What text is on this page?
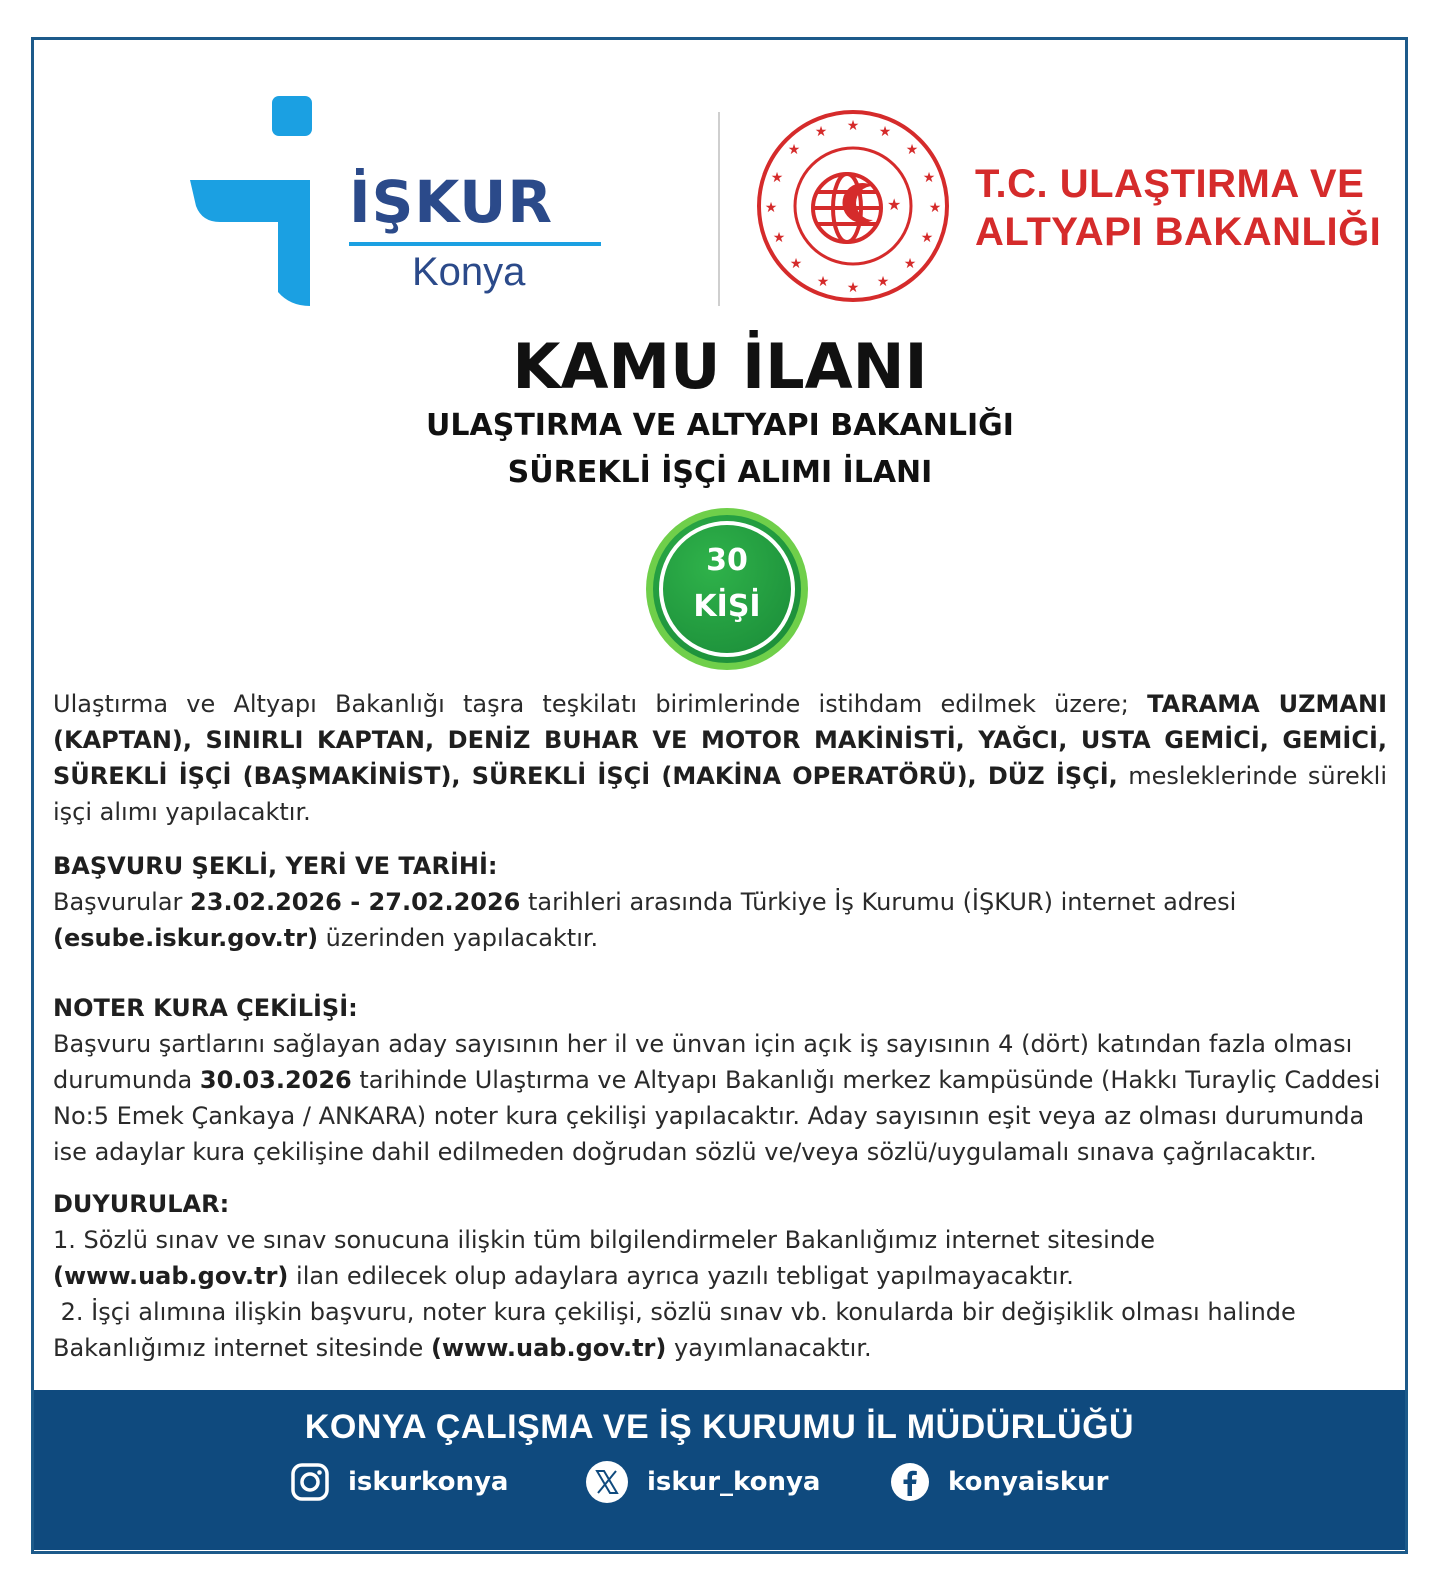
İŞKUR
Konya
★ ★
★
★
★
★
★
★
★
★
★
★
★
★
★
★
★ T.C. ULAŞTIRMA VE
ALTYAPI BAKANLIĞI
KAMU İLANI
ULAŞTIRMA VE ALTYAPI BAKANLIĞI
SÜREKLİ İŞÇİ ALIMI İLANI
30
KİŞİ
Ulaştırma ve Altyapı Bakanlığı taşra teşkilatı birimlerinde istihdam edilmek üzere; TARAMA UZMANI (KAPTAN), SINIRLI KAPTAN, DENİZ BUHAR VE MOTOR MAKİNİSTİ, YAĞCI, USTA GEMİCİ, GEMİCİ, SÜREKLİ İŞÇİ (BAŞMAKİNİST), SÜREKLİ İŞÇİ (MAKİNA OPERATÖRÜ), DÜZ İŞÇİ, mesleklerinde sürekli işçi alımı yapılacaktır.
BAŞVURU ŞEKLİ, YERİ VE TARİHİ:
Başvurular 23.02.2026 - 27.02.2026 tarihleri arasında Türkiye İş Kurumu (İŞKUR) internet adresi (esube.iskur.gov.tr) üzerinden yapılacaktır.
NOTER KURA ÇEKİLİŞİ:
Başvuru şartlarını sağlayan aday sayısının her il ve ünvan için açık iş sayısının 4 (dört) katından fazla olması durumunda 30.03.2026 tarihinde Ulaştırma ve Altyapı Bakanlığı merkez kampüsünde (Hakkı Turayliç Caddesi No:5 Emek Çankaya / ANKARA) noter kura çekilişi yapılacaktır. Aday sayısının eşit veya az olması durumunda ise adaylar kura çekilişine dahil edilmeden doğrudan sözlü ve/veya sözlü/uygulamalı sınava çağrılacaktır.
DUYURULAR:
1. Sözlü sınav ve sınav sonucuna ilişkin tüm bilgilendirmeler Bakanlığımız internet sitesinde (www.uab.gov.tr) ilan edilecek olup adaylara ayrıca yazılı tebligat yapılmayacaktır.
2. İşçi alımına ilişkin başvuru, noter kura çekilişi, sözlü sınav vb. konularda bir değişiklik olması halinde Bakanlığımız internet sitesinde (www.uab.gov.tr) yayımlanacaktır.
KONYA ÇALIŞMA VE İŞ KURUMU İL MÜDÜRLÜĞÜ
iskurkonya	iskur_konya	konyaiskur
